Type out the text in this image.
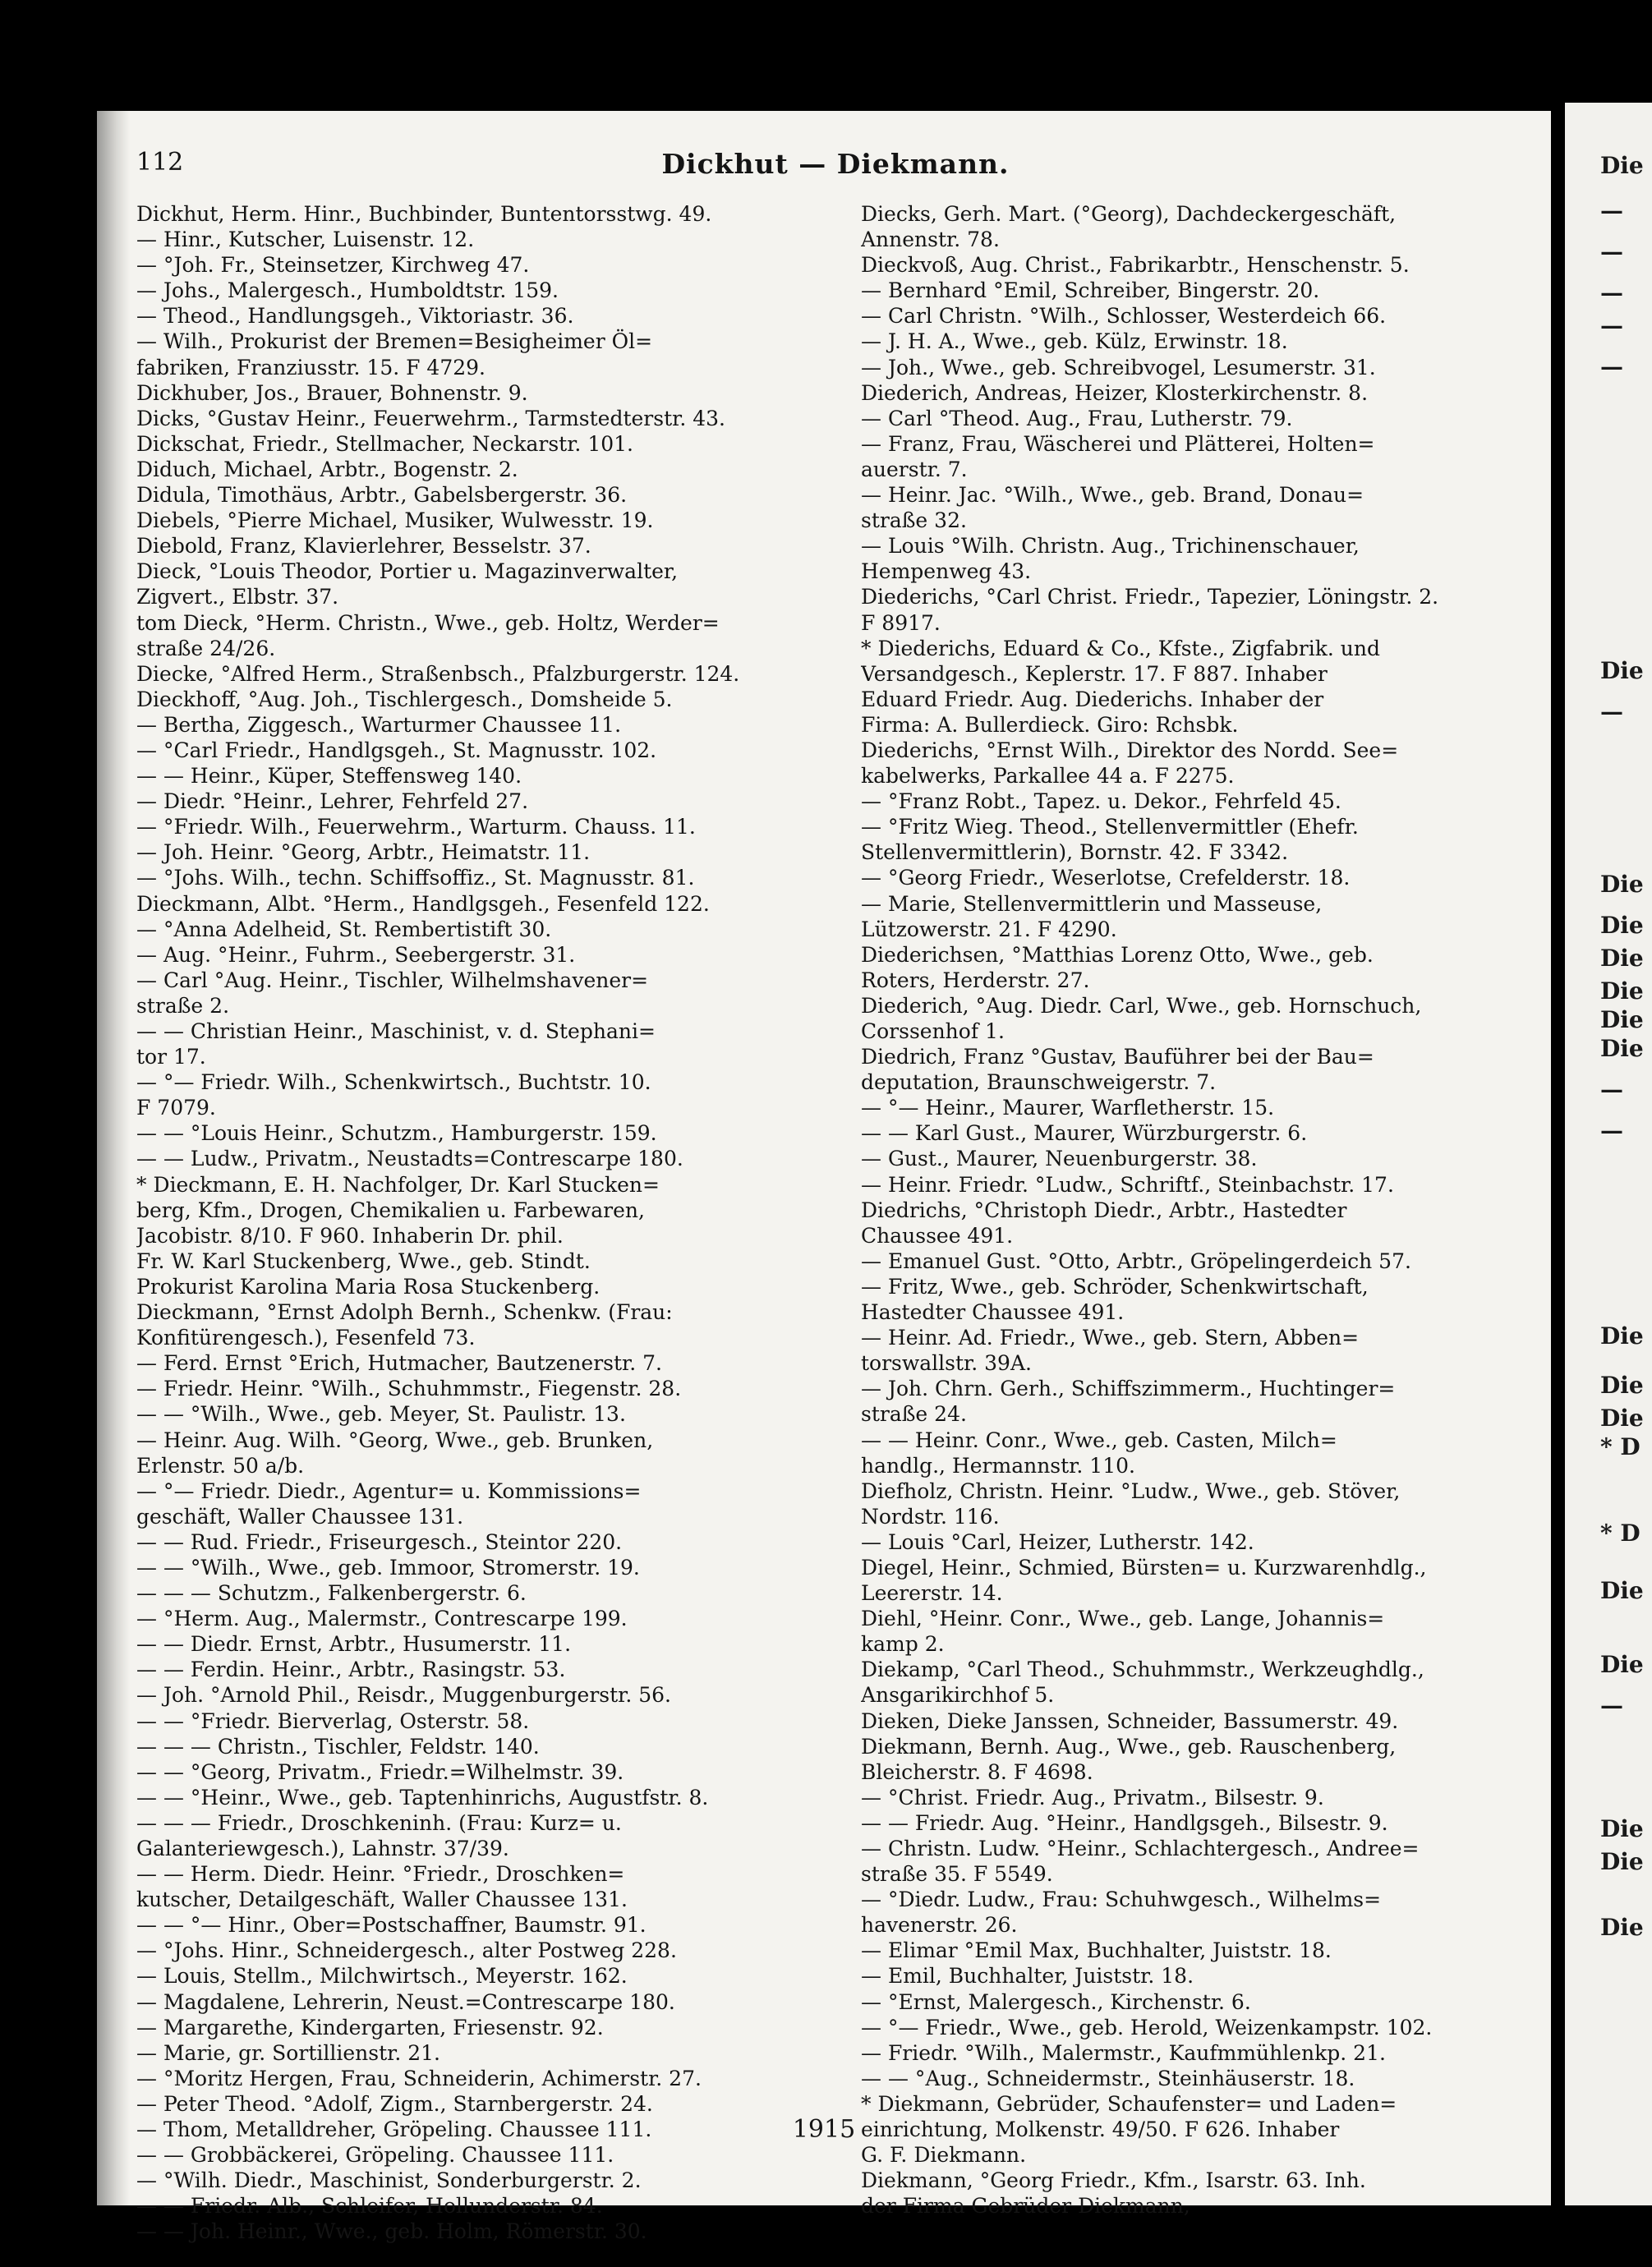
112	Dickhut — Diekmann.
Dickhut, Herm. Hinr., Buchbinder, Buntentorsstwg. 49.
— Hinr., Kutscher, Luisenstr. 12.
— °Joh. Fr., Steinsetzer, Kirchweg 47.
— Johs., Malergesch., Humboldtstr. 159.
— Theod., Handlungsgeh., Viktoriastr. 36.
— Wilh., Prokurist der Bremen=Besigheimer Öl=
fabriken, Franziusstr. 15. F 4729.
Dickhuber, Jos., Brauer, Bohnenstr. 9.
Dicks, °Gustav Heinr., Feuerwehrm., Tarmstedterstr. 43.
Dickschat, Friedr., Stellmacher, Neckarstr. 101.
Diduch, Michael, Arbtr., Bogenstr. 2.
Didula, Timothäus, Arbtr., Gabelsbergerstr. 36.
Diebels, °Pierre Michael, Musiker, Wulwesstr. 19.
Diebold, Franz, Klavierlehrer, Besselstr. 37.
Dieck, °Louis Theodor, Portier u. Magazinverwalter,
Zigvert., Elbstr. 37.
tom Dieck, °Herm. Christn., Wwe., geb. Holtz, Werder=
straße 24/26.
Diecke, °Alfred Herm., Straßenbsch., Pfalzburgerstr. 124.
Dieckhoff, °Aug. Joh., Tischlergesch., Domsheide 5.
— Bertha, Ziggesch., Warturmer Chaussee 11.
— °Carl Friedr., Handlgsgeh., St. Magnusstr. 102.
— — Heinr., Küper, Steffensweg 140.
— Diedr. °Heinr., Lehrer, Fehrfeld 27.
— °Friedr. Wilh., Feuerwehrm., Warturm. Chauss. 11.
— Joh. Heinr. °Georg, Arbtr., Heimatstr. 11.
— °Johs. Wilh., techn. Schiffsoffiz., St. Magnusstr. 81.
Dieckmann, Albt. °Herm., Handlgsgeh., Fesenfeld 122.
— °Anna Adelheid, St. Rembertistift 30.
— Aug. °Heinr., Fuhrm., Seebergerstr. 31.
— Carl °Aug. Heinr., Tischler, Wilhelmshavener=
straße 2.
— — Christian Heinr., Maschinist, v. d. Stephani=
tor 17.
— °— Friedr. Wilh., Schenkwirtsch., Buchtstr. 10.
F 7079.
— — °Louis Heinr., Schutzm., Hamburgerstr. 159.
— — Ludw., Privatm., Neustadts=Contrescarpe 180.
* Dieckmann, E. H. Nachfolger, Dr. Karl Stucken=
berg, Kfm., Drogen, Chemikalien u. Farbewaren,
Jacobistr. 8/10. F 960. Inhaberin Dr. phil.
Fr. W. Karl Stuckenberg, Wwe., geb. Stindt.
Prokurist Karolina Maria Rosa Stuckenberg.
Dieckmann, °Ernst Adolph Bernh., Schenkw. (Frau:
Konfitürengesch.), Fesenfeld 73.
— Ferd. Ernst °Erich, Hutmacher, Bautzenerstr. 7.
— Friedr. Heinr. °Wilh., Schuhmmstr., Fiegenstr. 28.
— — °Wilh., Wwe., geb. Meyer, St. Paulistr. 13.
— Heinr. Aug. Wilh. °Georg, Wwe., geb. Brunken,
Erlenstr. 50 a/b.
— °— Friedr. Diedr., Agentur= u. Kommissions=
geschäft, Waller Chaussee 131.
— — Rud. Friedr., Friseurgesch., Steintor 220.
— — °Wilh., Wwe., geb. Immoor, Stromerstr. 19.
— — — Schutzm., Falkenbergerstr. 6.
— °Herm. Aug., Malermstr., Contrescarpe 199.
— — Diedr. Ernst, Arbtr., Husumerstr. 11.
— — Ferdin. Heinr., Arbtr., Rasingstr. 53.
— Joh. °Arnold Phil., Reisdr., Muggenburgerstr. 56.
— — °Friedr. Bierverlag, Osterstr. 58.
— — — Christn., Tischler, Feldstr. 140.
— — °Georg, Privatm., Friedr.=Wilhelmstr. 39.
— — °Heinr., Wwe., geb. Taptenhinrichs, Augustfstr. 8.
— — — Friedr., Droschkeninh. (Frau: Kurz= u.
Galanteriewgesch.), Lahnstr. 37/39.
— — Herm. Diedr. Heinr. °Friedr., Droschken=
kutscher, Detailgeschäft, Waller Chaussee 131.
— — °— Hinr., Ober=Postschaffner, Baumstr. 91.
— °Johs. Hinr., Schneidergesch., alter Postweg 228.
— Louis, Stellm., Milchwirtsch., Meyerstr. 162.
— Magdalene, Lehrerin, Neust.=Contrescarpe 180.
— Margarethe, Kindergarten, Friesenstr. 92.
— Marie, gr. Sortillienstr. 21.
— °Moritz Hergen, Frau, Schneiderin, Achimerstr. 27.
— Peter Theod. °Adolf, Zigm., Starnbergerstr. 24.
— Thom, Metalldreher, Gröpeling. Chaussee 111.
— — Grobbäckerei, Gröpeling. Chaussee 111.
— °Wilh. Diedr., Maschinist, Sonderburgerstr. 2.
— — Friedr. Alb., Schleifer, Hollunderstr. 84.
— — Joh. Heinr., Wwe., geb. Holm, Römerstr. 30.
Diecks, Gerh. Mart. (°Georg), Dachdeckergeschäft,
Annenstr. 78.
Dieckvoß, Aug. Christ., Fabrikarbtr., Henschenstr. 5.
— Bernhard °Emil, Schreiber, Bingerstr. 20.
— Carl Christn. °Wilh., Schlosser, Westerdeich 66.
— J. H. A., Wwe., geb. Külz, Erwinstr. 18.
— Joh., Wwe., geb. Schreibvogel, Lesumerstr. 31.
Diederich, Andreas, Heizer, Klosterkirchenstr. 8.
— Carl °Theod. Aug., Frau, Lutherstr. 79.
— Franz, Frau, Wäscherei und Plätterei, Holten=
auerstr. 7.
— Heinr. Jac. °Wilh., Wwe., geb. Brand, Donau=
straße 32.
— Louis °Wilh. Christn. Aug., Trichinenschauer,
Hempenweg 43.
Diederichs, °Carl Christ. Friedr., Tapezier, Löningstr. 2.
F 8917.
* Diederichs, Eduard & Co., Kfste., Zigfabrik. und
Versandgesch., Keplerstr. 17. F 887. Inhaber
Eduard Friedr. Aug. Diederichs. Inhaber der
Firma: A. Bullerdieck. Giro: Rchsbk.
Diederichs, °Ernst Wilh., Direktor des Nordd. See=
kabelwerks, Parkallee 44 a. F 2275.
— °Franz Robt., Tapez. u. Dekor., Fehrfeld 45.
— °Fritz Wieg. Theod., Stellenvermittler (Ehefr.
Stellenvermittlerin), Bornstr. 42. F 3342.
— °Georg Friedr., Weserlotse, Crefelderstr. 18.
— Marie, Stellenvermittlerin und Masseuse,
Lützowerstr. 21. F 4290.
Diederichsen, °Matthias Lorenz Otto, Wwe., geb.
Roters, Herderstr. 27.
Diederich, °Aug. Diedr. Carl, Wwe., geb. Hornschuch,
Corssenhof 1.
Diedrich, Franz °Gustav, Bauführer bei der Bau=
deputation, Braunschweigerstr. 7.
— °— Heinr., Maurer, Warfletherstr. 15.
— — Karl Gust., Maurer, Würzburgerstr. 6.
— Gust., Maurer, Neuenburgerstr. 38.
— Heinr. Friedr. °Ludw., Schriftf., Steinbachstr. 17.
Diedrichs, °Christoph Diedr., Arbtr., Hastedter
Chaussee 491.
— Emanuel Gust. °Otto, Arbtr., Gröpelingerdeich 57.
— Fritz, Wwe., geb. Schröder, Schenkwirtschaft,
Hastedter Chaussee 491.
— Heinr. Ad. Friedr., Wwe., geb. Stern, Abben=
torswallstr. 39A.
— Joh. Chrn. Gerh., Schiffszimmerm., Huchtinger=
straße 24.
— — Heinr. Conr., Wwe., geb. Casten, Milch=
handlg., Hermannstr. 110.
Diefholz, Christn. Heinr. °Ludw., Wwe., geb. Stöver,
Nordstr. 116.
— Louis °Carl, Heizer, Lutherstr. 142.
Diegel, Heinr., Schmied, Bürsten= u. Kurzwarenhdlg.,
Leererstr. 14.
Diehl, °Heinr. Conr., Wwe., geb. Lange, Johannis=
kamp 2.
Diekamp, °Carl Theod., Schuhmmstr., Werkzeughdlg.,
Ansgarikirchhof 5.
Dieken, Dieke Janssen, Schneider, Bassumerstr. 49.
Diekmann, Bernh. Aug., Wwe., geb. Rauschenberg,
Bleicherstr. 8. F 4698.
— °Christ. Friedr. Aug., Privatm., Bilsestr. 9.
— — Friedr. Aug. °Heinr., Handlgsgeh., Bilsestr. 9.
— Christn. Ludw. °Heinr., Schlachtergesch., Andree=
straße 35. F 5549.
— °Diedr. Ludw., Frau: Schuhwgesch., Wilhelms=
havenerstr. 26.
— Elimar °Emil Max, Buchhalter, Juiststr. 18.
— Emil, Buchhalter, Juiststr. 18.
— °Ernst, Malergesch., Kirchenstr. 6.
— °— Friedr., Wwe., geb. Herold, Weizenkampstr. 102.
— Friedr. °Wilh., Malermstr., Kaufmmühlenkp. 21.
— — °Aug., Schneidermstr., Steinhäuserstr. 18.
* Diekmann, Gebrüder, Schaufenster= und Laden=
einrichtung, Molkenstr. 49/50. F 626. Inhaber
G. F. Diekmann.
Diekmann, °Georg Friedr., Kfm., Isarstr. 63. Inh.
der Firma Gebrüder Diekmann,
1915
Die
—
—
—
—
—
Die
—
Die
Die
Die
Die
Die
Die
—
—
Die
Die
Die
* D
* D
Die
Die
—
Die
Die
Die
